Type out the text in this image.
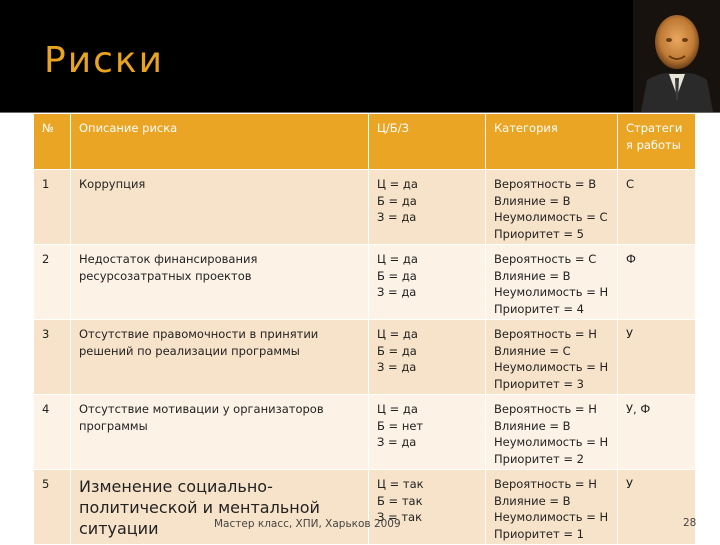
Риски
№	Описание риска	Ц/Б/З	Категория	Стратеги я работы
1	Коррупция	Ц = да
Б = да
З = да	Вероятность = В
Влияние = В
Неумолимость = С
Приоритет = 5	С
2	Недостаток финансирования ресурсозатратных проектов	Ц = да
Б = да
З = да	Вероятность = С
Влияние = В
Неумолимость = Н
Приоритет = 4	Ф
3	Отсутствие правомочности в принятии решений по реализации программы	Ц = да
Б = да
З = да	Вероятность = Н
Влияние = С
Неумолимость = Н
Приоритет = 3	У
4	Отсутствие мотивации у организаторов программы	Ц = да
Б = нет
З = да	Вероятность = Н
Влияние = В
Неумолимость = Н
Приоритет = 2	У, Ф
5	Изменение социально-политической и ментальной ситуации	Ц = так
Б = так
З = так	Вероятность = Н
Влияние = В
Неумолимость = Н
Приоритет = 1	У
Мастер класс, ХПИ, Харьков 2009	28
